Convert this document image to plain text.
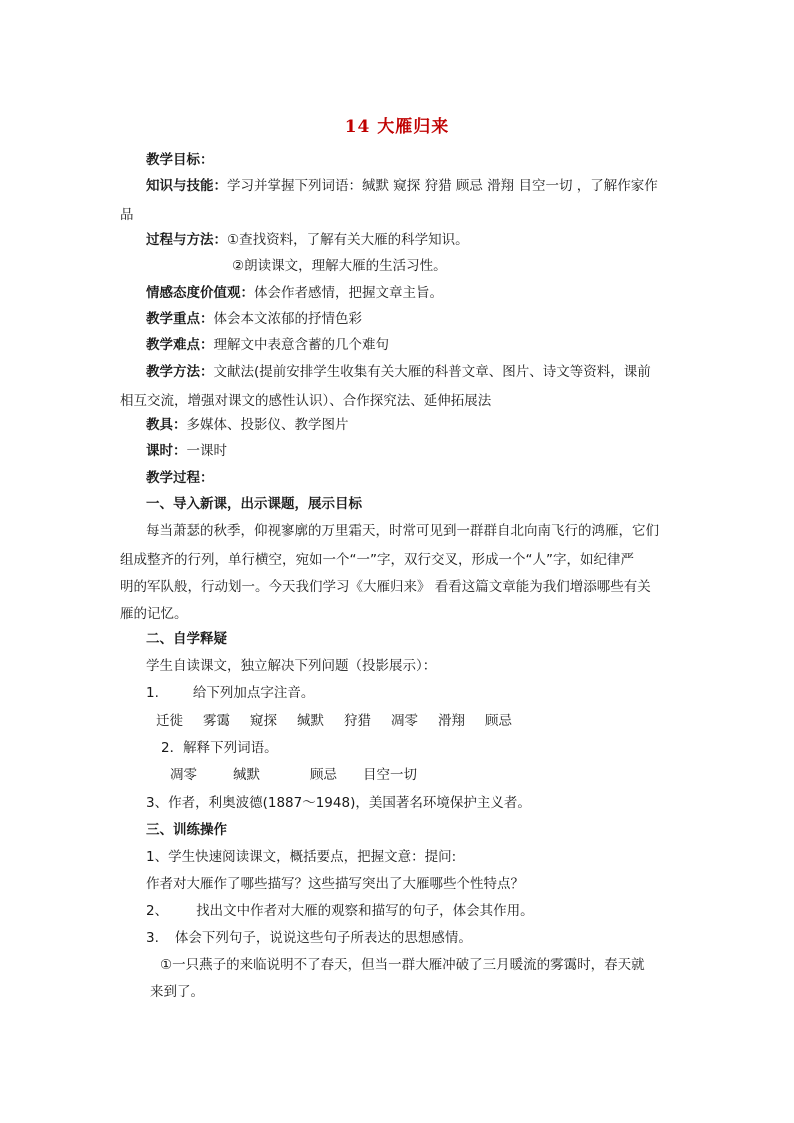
14 大雁归来
教学目标：
知识与技能：学习并掌握下列词语：缄默 窥探 狩猎 顾忌 滑翔 目空一切 ，了解作家作
品
过程与方法：①查找资料，了解有关大雁的科学知识。
②朗读课文，理解大雁的生活习性。
情感态度价值观：体会作者感情，把握文章主旨。
教学重点：体会本文浓郁的抒情色彩
教学难点：理解文中表意含蓄的几个难句
教学方法：文献法(提前安排学生收集有关大雁的科普文章、图片、诗文等资料，课前
相互交流，增强对课文的感性认识）、合作探究法、延伸拓展法
教具：多媒体、投影仪、教学图片
课时：一课时
教学过程：
一、导入新课，出示课题，展示目标
每当萧瑟的秋季，仰视寥廓的万里霜天，时常可见到一群群自北向南飞行的鸿雁，它们
组成整齐的行列，单行横空，宛如一个“一”字，双行交叉，形成一个“人”字，如纪律严
明的军队般，行动划一。今天我们学习《大雁归来》 看看这篇文章能为我们增添哪些有关
雁的记忆。
二、自学释疑
学生自读课文，独立解决下列问题（投影展示）：
1.	给下列加点字注音。
迁徙 雾霭 窥探 缄默 狩猎 凋零 滑翔 顾忌
2．解释下列词语。
凋零	缄默	顾忌 目空一切
3、作者，利奥波德(1887～1948)，美国著名环境保护主义者。
三、训练操作
1、学生快速阅读课文，概括要点，把握文意：提问:
作者对大雁作了哪些描写？这些描写突出了大雁哪些个性特点？
2、 找出文中作者对大雁的观察和描写的句子，体会其作用。
3. 体会下列句子，说说这些句子所表达的思想感情。
①一只燕子的来临说明不了春天，但当一群大雁冲破了三月暖流的雾霭时，春天就
来到了。
